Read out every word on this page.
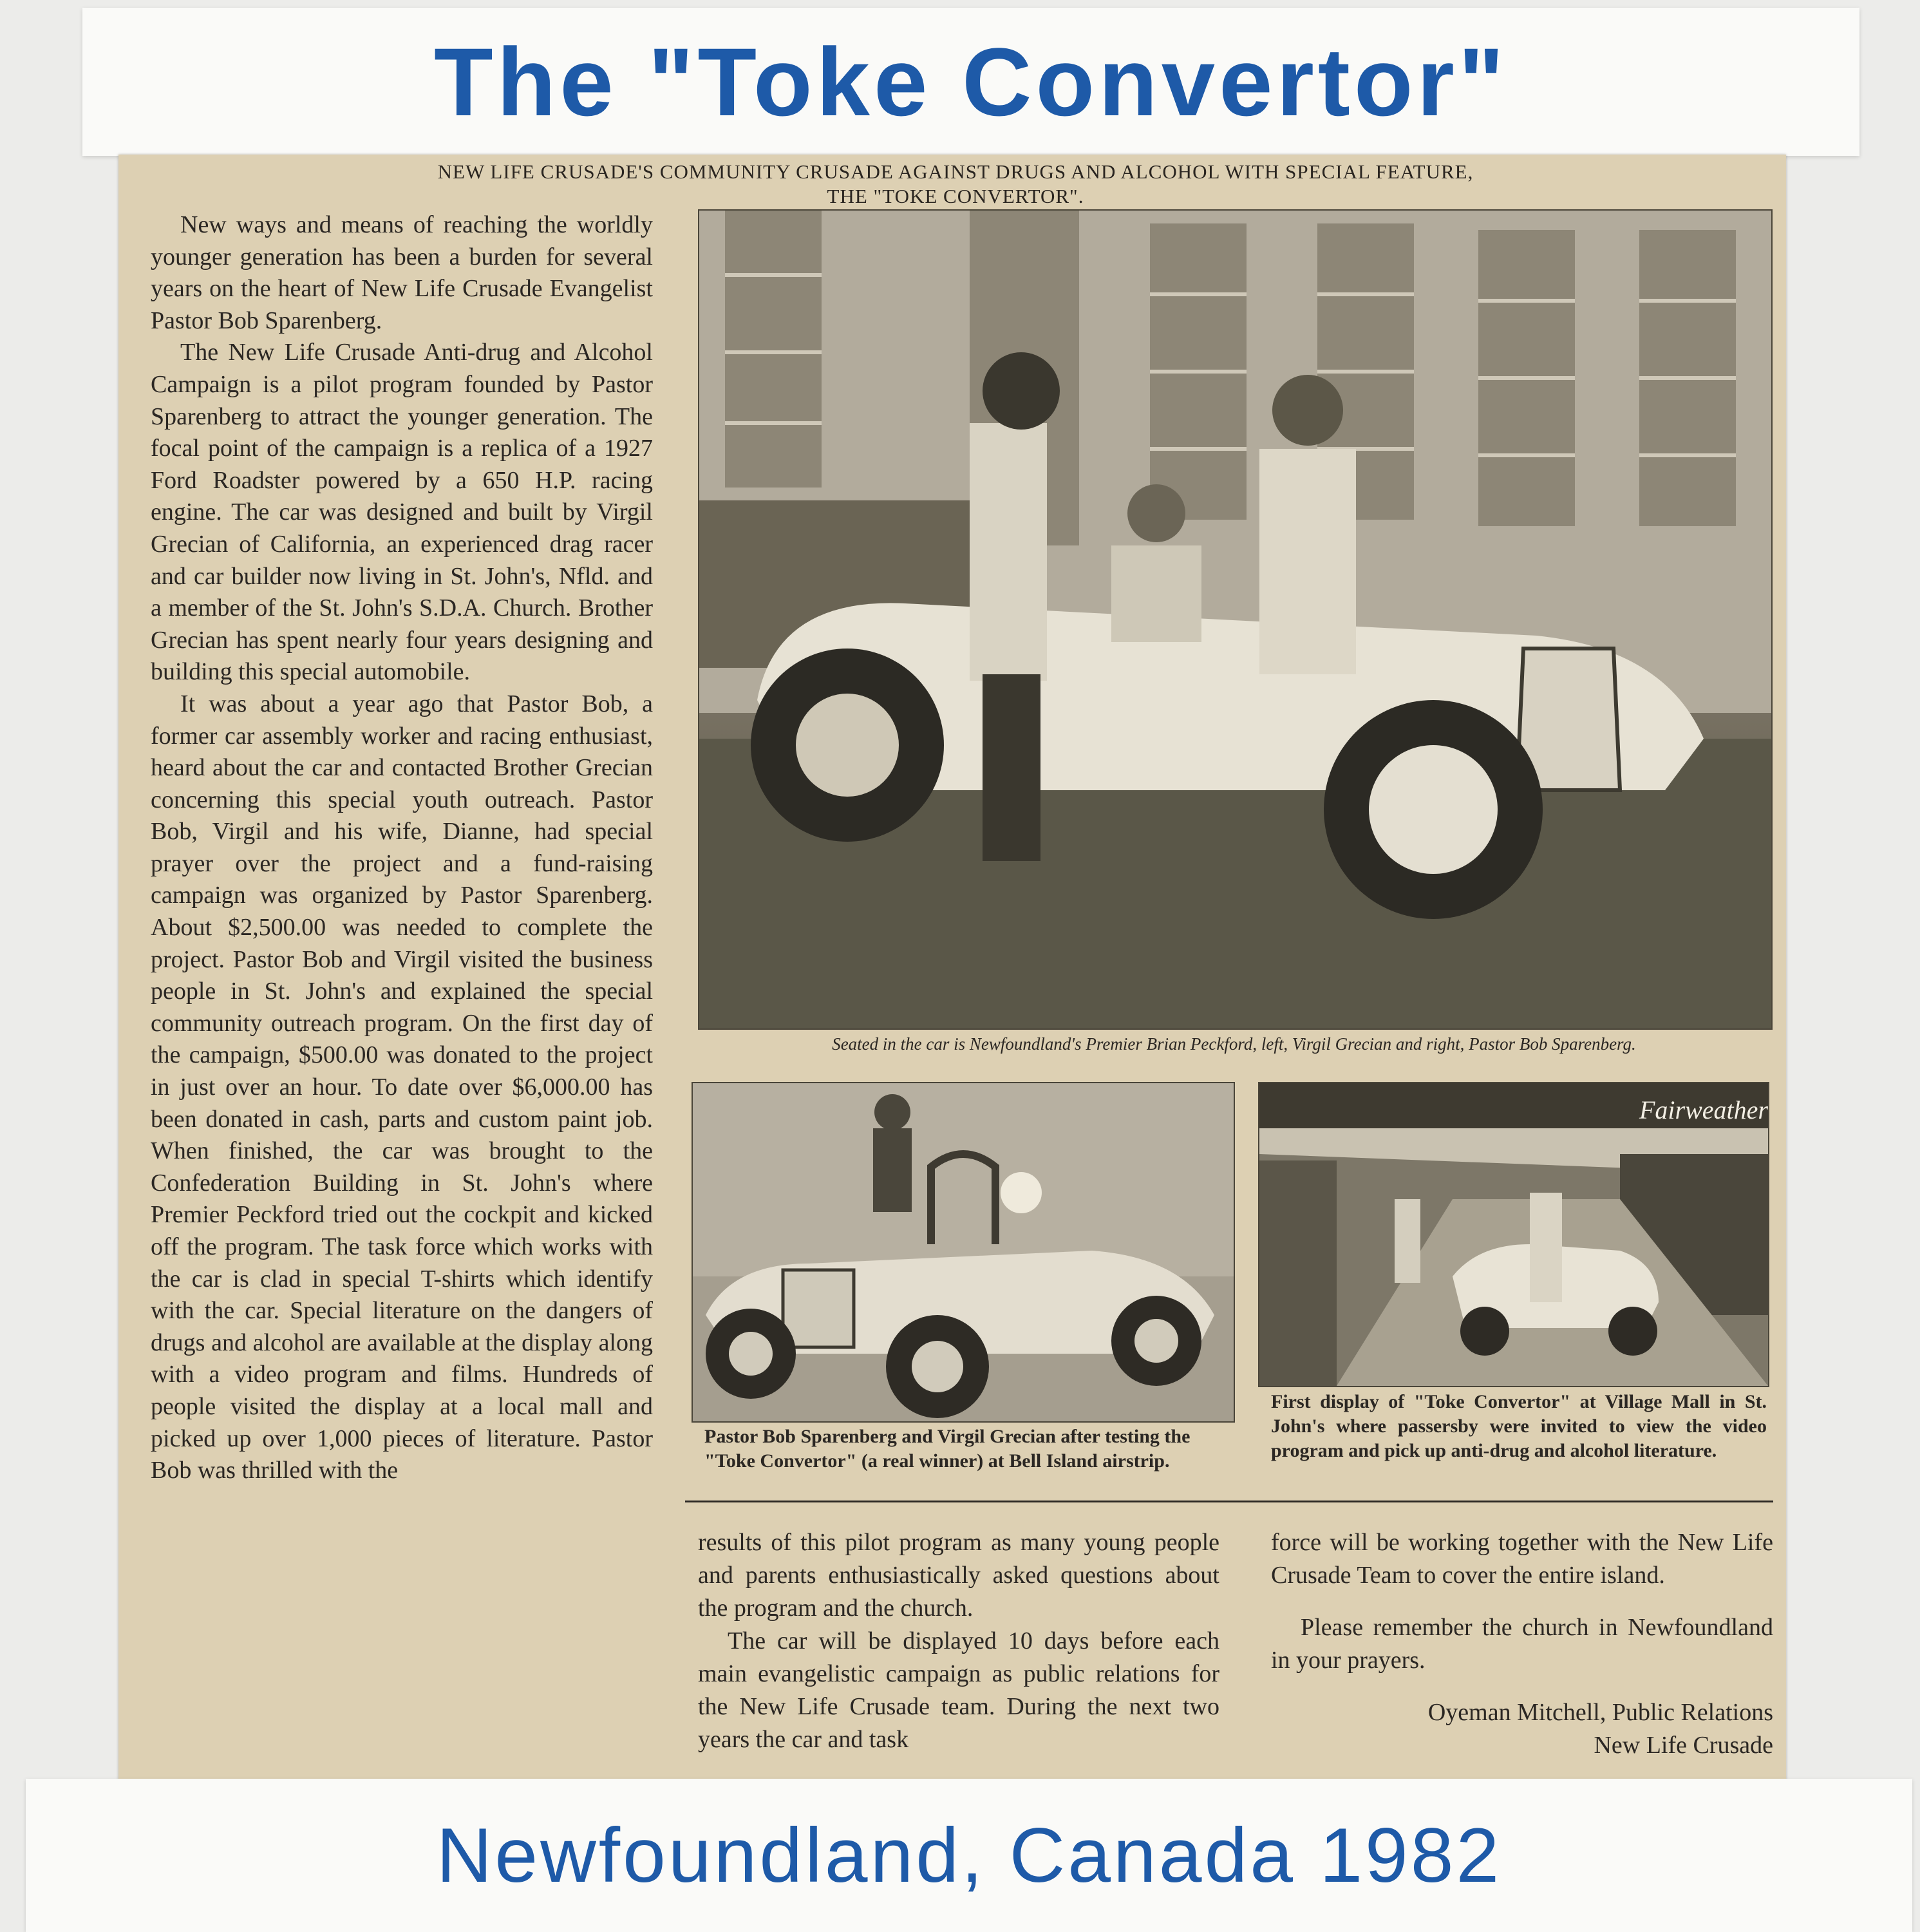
The "Toke Convertor"
NEW LIFE CRUSADE'S COMMUNITY CRUSADE AGAINST DRUGS AND ALCOHOL WITH SPECIAL FEATURE,
THE "TOKE CONVERTOR".

New ways and means of reaching the worldly younger generation has been a burden for several years on the heart of New Life Crusade Evangelist Pastor Bob Sparenberg.

The New Life Crusade Anti-drug and Alcohol Campaign is a pilot program founded by Pastor Sparenberg to attract the younger generation. The focal point of the campaign is a replica of a 1927 Ford Roadster powered by a 650 H.P. racing engine. The car was designed and built by Virgil Grecian of California, an experienced drag racer and car builder now living in St. John's, Nfld. and a member of the St. John's S.D.A. Church. Brother Grecian has spent nearly four years designing and building this special automobile.

It was about a year ago that Pastor Bob, a former car assembly worker and racing enthusiast, heard about the car and contacted Brother Grecian concerning this special youth outreach. Pastor Bob, Virgil and his wife, Dianne, had special prayer over the project and a fund-raising campaign was organized by Pastor Sparenberg. About $2,500.00 was needed to complete the project. Pastor Bob and Virgil visited the business people in St. John's and explained the special community outreach program. On the first day of the campaign, $500.00 was donated to the project in just over an hour. To date over $6,000.00 has been donated in cash, parts and custom paint job. When finished, the car was brought to the Confederation Building in St. John's where Premier Peckford tried out the cockpit and kicked off the program. The task force which works with the car is clad in special T-shirts which identify with the car. Special literature on the dangers of drugs and alcohol are available at the display along with a video program and films. Hundreds of people visited the display at a local mall and picked up over 1,000 pieces of literature. Pastor Bob was thrilled with the

Seated in the car is Newfoundland's Premier Brian Peckford, left, Virgil Grecian and right, Pastor Bob Sparenberg.
Pastor Bob Sparenberg and Virgil Grecian after testing the "Toke Convertor" (a real winner) at Bell Island airstrip.
Fairweather
First display of "Toke Convertor" at Village Mall in St. John's where passersby were invited to view the video program and pick up anti-drug and alcohol literature.

results of this pilot program as many young people and parents enthusiastically asked questions about the program and the church.

The car will be displayed 10 days before each main evangelistic campaign as public relations for the New Life Crusade team. During the next two years the car and task

force will be working together with the New Life Crusade Team to cover the entire island.

Please remember the church in Newfoundland in your prayers.

Oyeman Mitchell, Public Relations

New Life Crusade

Newfoundland, Canada 1982
